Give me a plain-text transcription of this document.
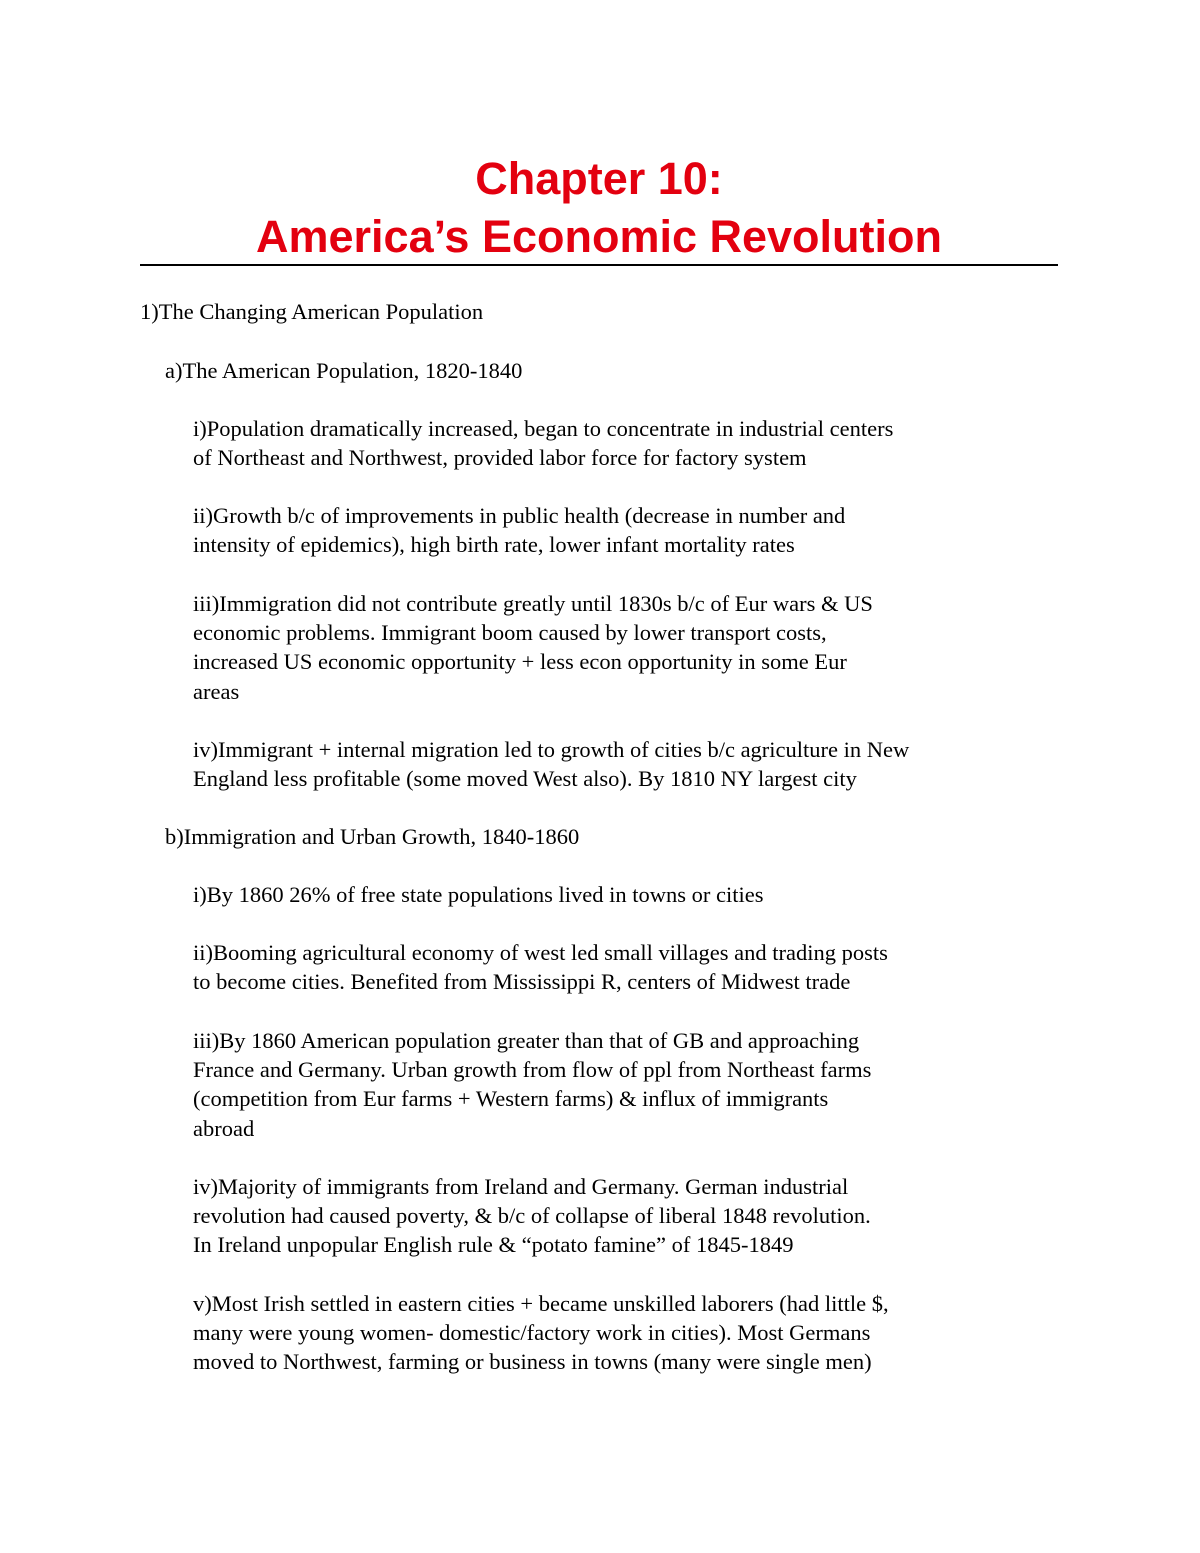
Chapter 10:
America’s Economic Revolution
1)The Changing American Population
a)The American Population, 1820-1840
i)Population dramatically increased, began to concentrate in industrial centers
of Northeast and Northwest, provided labor force for factory system
ii)Growth b/c of improvements in public health (decrease in number and
intensity of epidemics), high birth rate, lower infant mortality rates
iii)Immigration did not contribute greatly until 1830s b/c of Eur wars & US
economic problems. Immigrant boom caused by lower transport costs,
increased US economic opportunity + less econ opportunity in some Eur
areas
iv)Immigrant + internal migration led to growth of cities b/c agriculture in New
England less profitable (some moved West also). By 1810 NY largest city
b)Immigration and Urban Growth, 1840-1860
i)By 1860 26% of free state populations lived in towns or cities
ii)Booming agricultural economy of west led small villages and trading posts
to become cities. Benefited from Mississippi R, centers of Midwest trade
iii)By 1860 American population greater than that of GB and approaching
France and Germany. Urban growth from flow of ppl from Northeast farms
(competition from Eur farms + Western farms) & influx of immigrants
abroad
iv)Majority of immigrants from Ireland and Germany. German industrial
revolution had caused poverty, & b/c of collapse of liberal 1848 revolution.
In Ireland unpopular English rule & “potato famine” of 1845-1849
v)Most Irish settled in eastern cities + became unskilled laborers (had little $,
many were young women- domestic/factory work in cities). Most Germans
moved to Northwest, farming or business in towns (many were single men)
